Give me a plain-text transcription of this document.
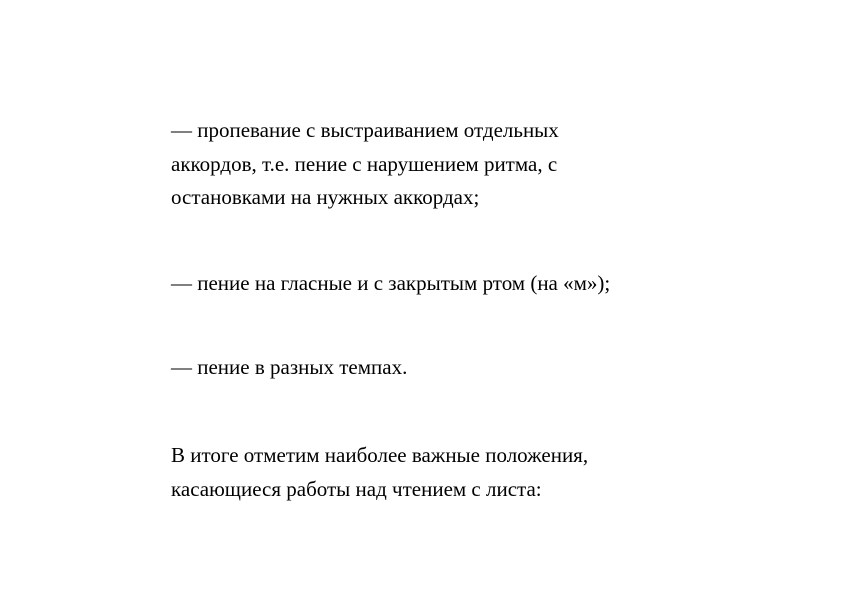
— пропевание с выстраиванием отдельных
аккордов, т.е. пение с нарушением ритма, с
остановками на нужных аккордах;

— пение на гласные и с закрытым ртом (на «м»);

— пение в разных темпах.

В итоге отметим наиболее важные положения,
касающиеся работы над чтением с листа:
